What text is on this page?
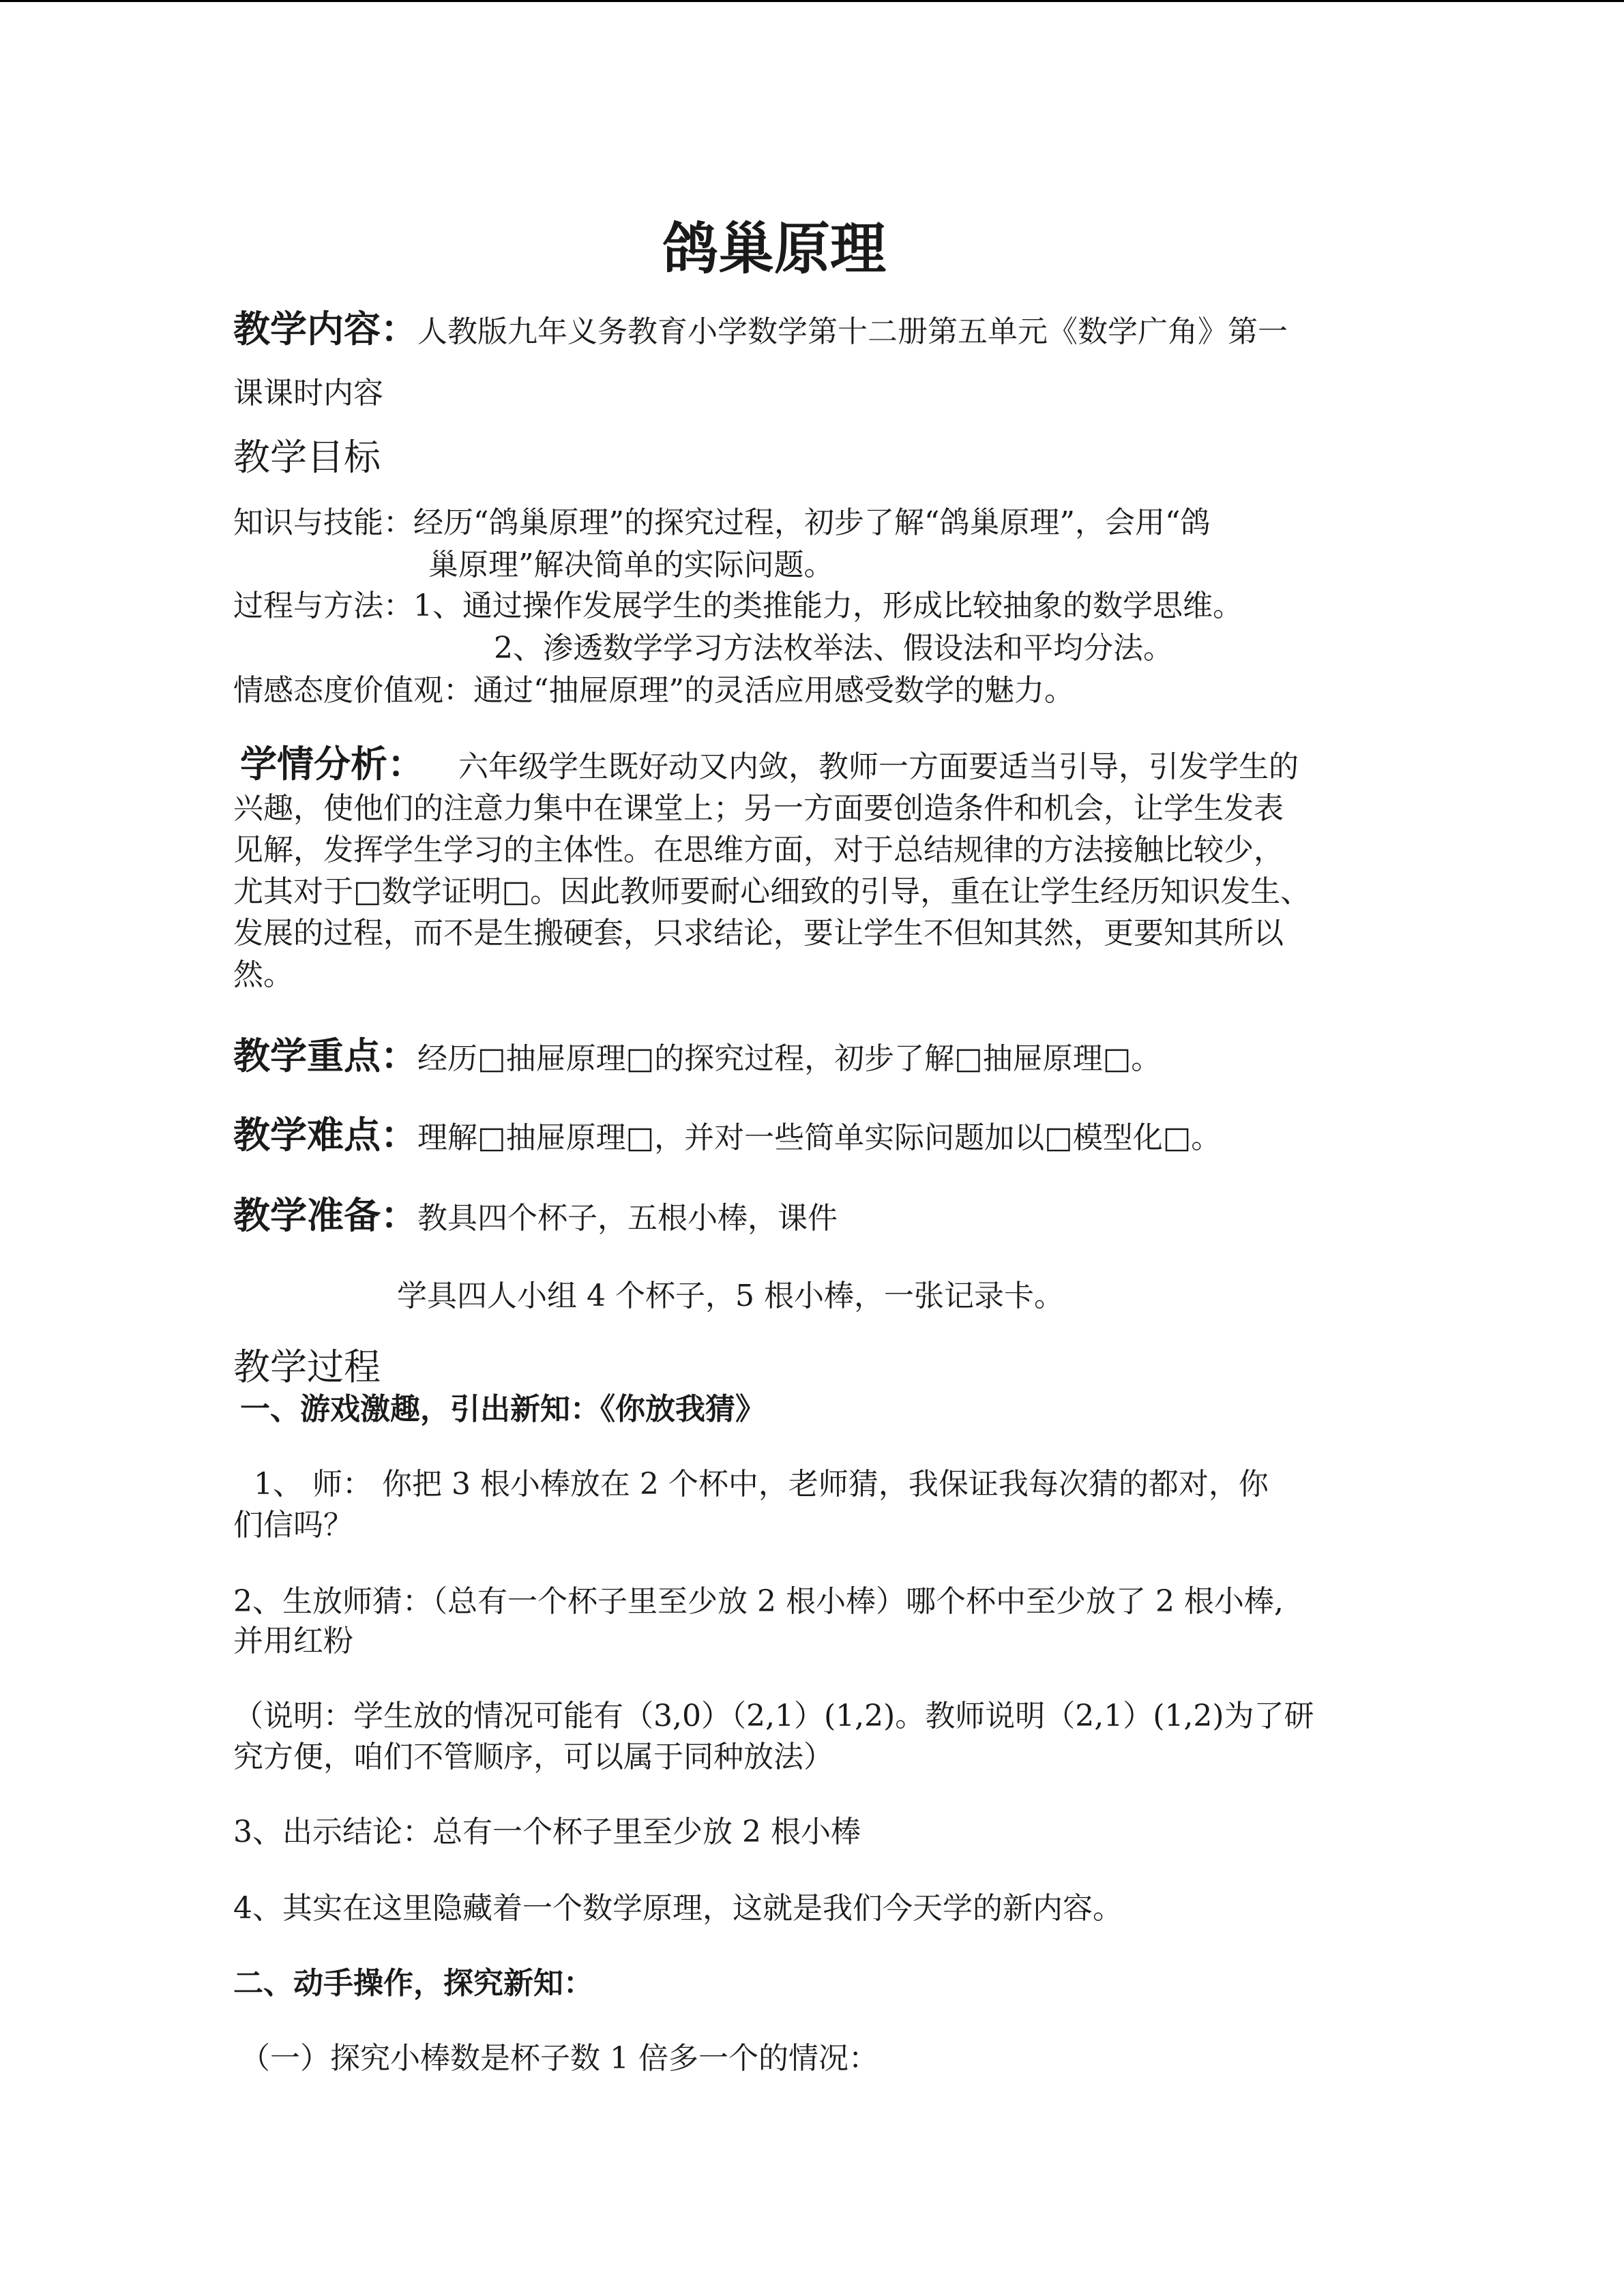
鸽巢原理
教学内容：人教版九年义务教育小学数学第十二册第五单元《数学广角》第一
课课时内容
教学目标
知识与技能：经历“鸽巢原理”的探究过程，初步了解“鸽巢原理”，会用“鸽
巢原理”解决简单的实际问题。
过程与方法：1、通过操作发展学生的类推能力，形成比较抽象的数学思维。
2、渗透数学学习方法枚举法、假设法和平均分法。
情感态度价值观：通过“抽屉原理”的灵活应用感受数学的魅力。
学情分析： 六年级学生既好动又内敛，教师一方面要适当引导，引发学生的
兴趣，使他们的注意力集中在课堂上；另一方面要创造条件和机会，让学生发表
见解，发挥学生学习的主体性。在思维方面，对于总结规律的方法接触比较少，
尤其对于□数学证明□。因此教师要耐心细致的引导，重在让学生经历知识发生、
发展的过程，而不是生搬硬套，只求结论，要让学生不但知其然，更要知其所以
然。
教学重点：经历□抽屉原理□的探究过程，初步了解□抽屉原理□。
教学难点：理解□抽屉原理□，并对一些简单实际问题加以□模型化□。
教学准备：教具四个杯子，五根小棒，课件
学具四人小组 4 个杯子，5 根小棒，一张记录卡。
教学过程
一、游戏激趣，引出新知：《你放我猜》
1、 师： 你把 3 根小棒放在 2 个杯中，老师猜，我保证我每次猜的都对，你
们信吗？
2、生放师猜：（总有一个杯子里至少放 2 根小棒）哪个杯中至少放了 2 根小棒,
并用红粉
（说明：学生放的情况可能有（3,0）（2,1）(1,2)。教师说明（2,1）(1,2)为了研
究方便，咱们不管顺序，可以属于同种放法）
3、出示结论：总有一个杯子里至少放 2 根小棒
4、其实在这里隐藏着一个数学原理，这就是我们今天学的新内容。
二、动手操作，探究新知：
（一）探究小棒数是杯子数 1 倍多一个的情况：
